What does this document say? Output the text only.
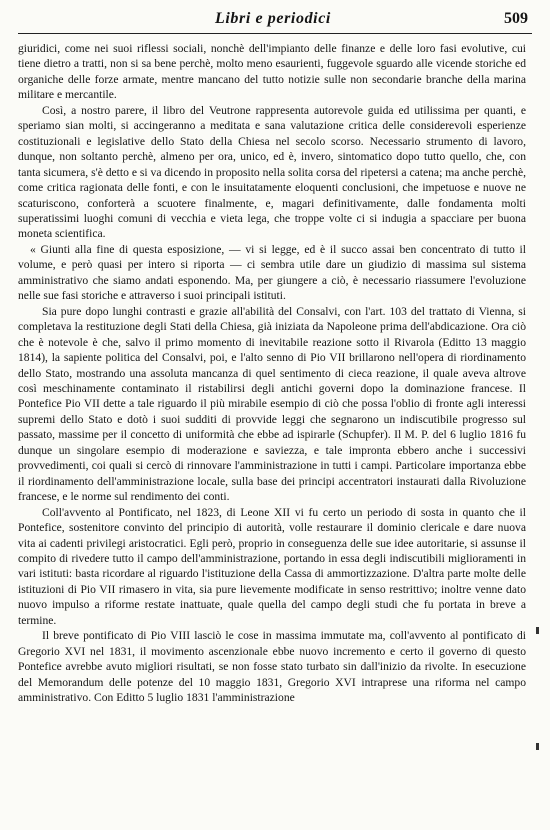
Libri e periodici	509

giuridici, come nei suoi riflessi sociali, nonchè dell'impianto delle finanze e delle loro fasi evolutive, cui tiene dietro a tratti, non si sa bene perchè, molto meno esaurienti, fuggevole sguardo alle vicende storiche ed organiche delle forze armate, mentre mancano del tutto notizie sulle non secondarie branche della marina militare e mercantile.

Così, a nostro parere, il libro del Veutrone rappresenta autorevole guida ed utilissima per quanti, e speriamo sian molti, si accingeranno a meditata e sana valutazione critica delle considerevoli esperienze costituzionali e legislative dello Stato della Chiesa nel secolo scorso. Necessario strumento di lavoro, dunque, non soltanto perchè, almeno per ora, unico, ed è, invero, sintomatico dopo tutto quello, che, con tanta sicumera, s'è detto e si va dicendo in proposito nella solita corsa del ripetersi a catena; ma anche perchè, come critica ragionata delle fonti, e con le insuitatamente eloquenti conclusioni, che impetuose e nuove ne scaturiscono, conforterà a scuotere finalmente, e, magari definitivamente, dalle fondamenta molti superatissimi luoghi comuni di vecchia e vieta lega, che troppe volte ci si indugia a spacciare per buona moneta scientifica.

« Giunti alla fine di questa esposizione, — vi si legge, ed è il succo assai ben concentrato di tutto il volume, e però quasi per intero si riporta — ci sembra utile dare un giudizio di massima sul sistema amministrativo che siamo andati esponendo. Ma, per giungere a ciò, è necessario riassumere l'evoluzione nelle sue fasi storiche e attraverso i suoi principali istituti.

Sia pure dopo lunghi contrasti e grazie all'abilità del Consalvi, con l'art. 103 del trattato di Vienna, si completava la restituzione degli Stati della Chiesa, già iniziata da Napoleone prima dell'abdicazione. Ora ciò che è notevole è che, salvo il primo momento di inevitabile reazione sotto il Rivarola (Editto 13 maggio 1814), la sapiente politica del Consalvi, poi, e l'alto senno di Pio VII brillarono nell'opera di riordinamento dello Stato, mostrando una assoluta mancanza di quel sentimento di cieca reazione, il quale aveva altrove così meschinamente contaminato il ristabilirsi degli antichi governi dopo la dominazione francese. Il Pontefice Pio VII dette a tale riguardo il più mirabile esempio di ciò che possa l'oblio di fronte agli interessi supremi dello Stato e dotò i suoi sudditi di provvide leggi che segnarono un indiscutibile progresso sul passato, massime per il concetto di uniformità che ebbe ad ispirarle (Schupfer). Il M. P. del 6 luglio 1816 fu dunque un singolare esempio di moderazione e saviezza, e tale impronta ebbero anche i successivi provvedimenti, coi quali si cercò di rinnovare l'amministrazione in tutti i campi. Particolare importanza ebbe il riordinamento dell'amministrazione locale, sulla base dei principi accentratori instaurati dalla Rivoluzione francese, e le norme sul rendimento dei conti.

Coll'avvento al Pontificato, nel 1823, di Leone XII vi fu certo un periodo di sosta in quanto che il Pontefice, sostenitore convinto del principio di autorità, volle restaurare il dominio clericale e dare nuova vita ai cadenti privilegi aristocratici. Egli però, proprio in conseguenza delle sue idee autoritarie, si assunse il compito di rivedere tutto il campo dell'amministrazione, portando in essa degli indiscutibili miglioramenti in vari istituti: basta ricordare al riguardo l'istituzione della Cassa di ammortizzazione. D'altra parte molte delle istituzioni di Pio VII rimasero in vita, sia pure lievemente modificate in senso restrittivo; inoltre venne dato nuovo impulso a riforme restate inattuate, quale quella del campo degli studi che fu portata in breve a termine.

Il breve pontificato di Pio VIII lasciò le cose in massima immutate ma, coll'avvento al pontificato di Gregorio XVI nel 1831, il movimento ascenzionale ebbe nuovo incremento e certo il governo di questo Pontefice avrebbe avuto migliori risultati, se non fosse stato turbato sin dall'inizio da rivolte. In esecuzione del Memorandum delle potenze del 10 maggio 1831, Gregorio XVI intraprese una riforma nel campo amministrativo. Con Editto 5 luglio 1831 l'amministrazione
